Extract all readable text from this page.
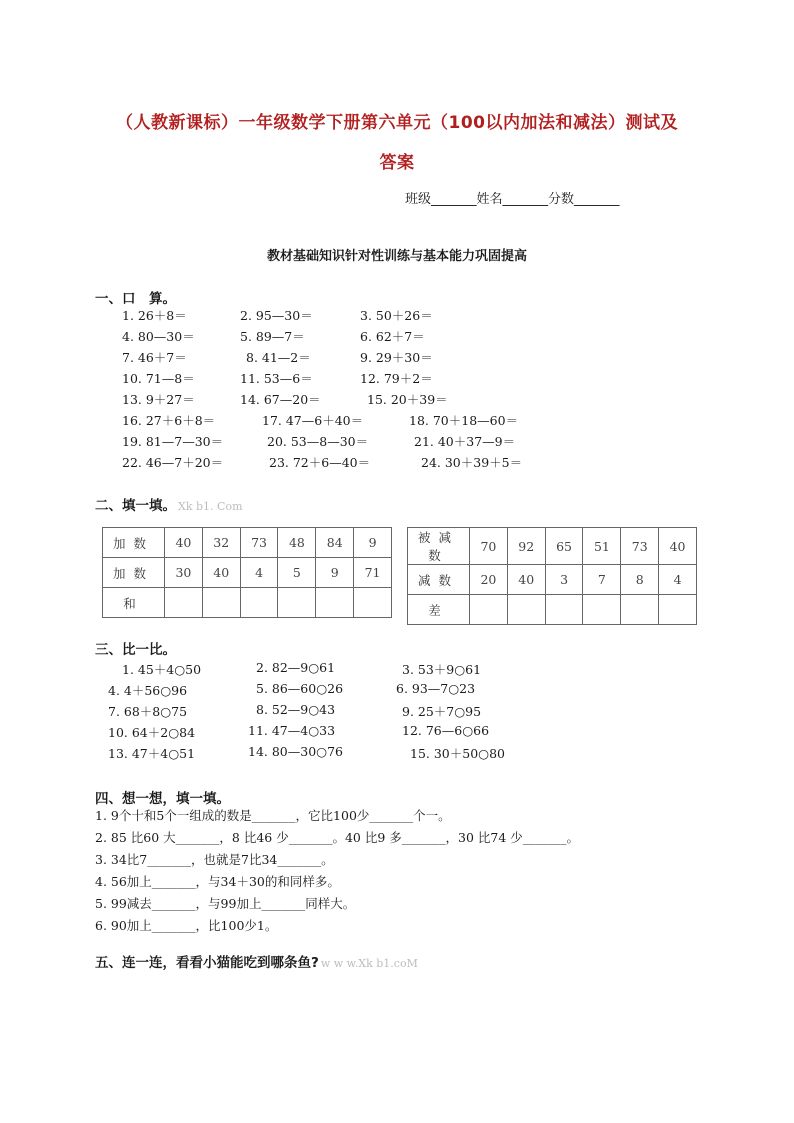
（人教新课标）一年级数学下册第六单元（100以内加法和减法）测试及
答案
班级_______姓名_______分数_______
教材基础知识针对性训练与基本能力巩固提高
一、口　算。
1. 26＋8＝	2. 95—30＝	3. 50＋26＝
4. 80—30＝	5. 89—7＝	6. 62＋7＝
7. 46＋7＝	8. 41—2＝	9. 29＋30＝
10. 71—8＝	11. 53—6＝	12. 79＋2＝
13. 9＋27＝	14. 67—20＝	15. 20＋39＝
16. 27＋6＋8＝	17. 47—6＋40＝	18. 70＋18—60＝
19. 81—7—30＝	20. 53—8—30＝	21. 40＋37—9＝
22. 46—7＋20＝	23. 72＋6—40＝	24. 30＋39＋5＝
二、填一填。 Xk b1. Com
加数	40	32	73	48	84	9
加数	30	40	4	5	9	71
和						
被减数	70	92	65	51	73	40
减数	20	40	3	7	8	4
差						
三、比一比。
1. 45＋4○50	2. 82—9○61	3. 53＋9○61
4. 4＋56○96	5. 86—60○26	6. 93—7○23
7. 68＋8○75	8. 52—9○43	9. 25＋7○95
10. 64＋2○84	11. 47—4○33	12. 76—6○66
13. 47＋4○51	14. 80—30○76	15. 30＋50○80
四、想一想，填一填。
1. 9个十和5个一组成的数是_______，它比100少_______个一。
2. 85 比60 大_______，8 比46 少_______。40 比9 多_______，30 比74 少_______。
3. 34比7_______，也就是7比34_______。
4. 56加上_______，与34＋30的和同样多。
5. 99减去_______，与99加上_______同样大。
6. 90加上_______，比100少1。
五、连一连，看看小猫能吃到哪条鱼? w w w.Xk b1.coM
